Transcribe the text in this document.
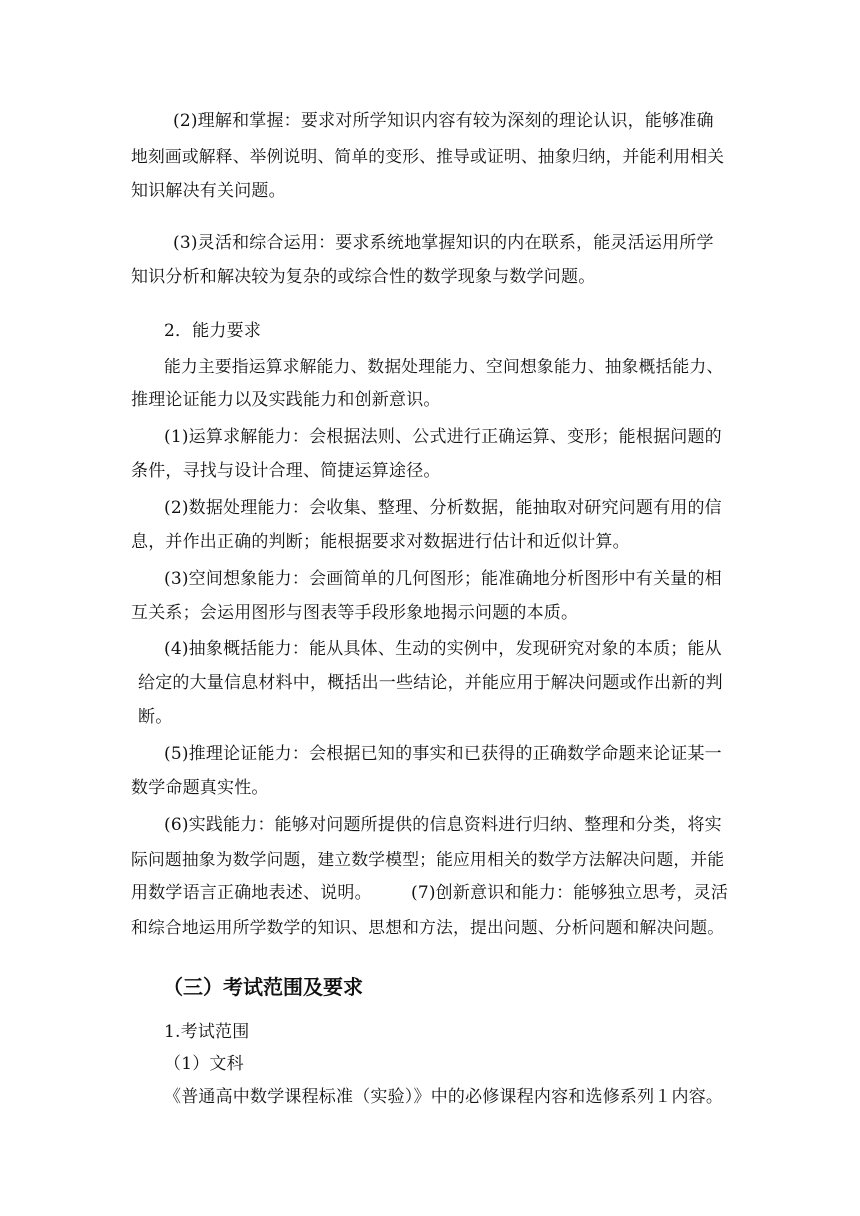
(2)理解和掌握：要求对所学知识内容有较为深刻的理论认识，能够准确
地刻画或解释、举例说明、简单的变形、推导或证明、抽象归纳，并能利用相关
知识解决有关问题。
(3)灵活和综合运用：要求系统地掌握知识的内在联系，能灵活运用所学
知识分析和解决较为复杂的或综合性的数学现象与数学问题。
2．能力要求
能力主要指运算求解能力、数据处理能力、空间想象能力、抽象概括能力、
推理论证能力以及实践能力和创新意识。
(1)运算求解能力：会根据法则、公式进行正确运算、变形；能根据问题的
条件，寻找与设计合理、简捷运算途径。
(2)数据处理能力：会收集、整理、分析数据，能抽取对研究问题有用的信
息，并作出正确的判断；能根据要求对数据进行估计和近似计算。
(3)空间想象能力：会画简单的几何图形；能准确地分析图形中有关量的相
互关系；会运用图形与图表等手段形象地揭示问题的本质。
(4)抽象概括能力：能从具体、生动的实例中，发现研究对象的本质；能从
给定的大量信息材料中，概括出一些结论，并能应用于解决问题或作出新的判
断。
(5)推理论证能力：会根据已知的事实和已获得的正确数学命题来论证某一
数学命题真实性。
(6)实践能力：能够对问题所提供的信息资料进行归纳、整理和分类，将实
际问题抽象为数学问题，建立数学模型；能应用相关的数学方法解决问题，并能
用数学语言正确地表述、说明。 (7)创新意识和能力：能够独立思考，灵活
和综合地运用所学数学的知识、思想和方法，提出问题、分析问题和解决问题。
（三）考试范围及要求
1.考试范围
（1）文科
《普通高中数学课程标准（实验）》中的必修课程内容和选修系列１内容。
